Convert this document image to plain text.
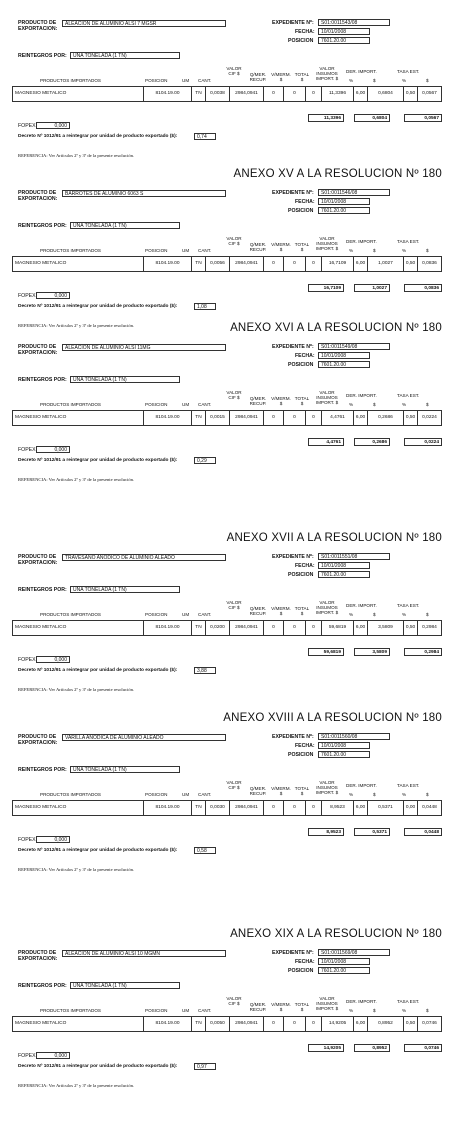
PRODUCTO DE EXPORTACION:
ALEACION DE ALUMINIO ALSI 7 MGSR	EXPEDIENTE Nº:	S01:0011543/08
FECHA:	10/01/2008
POSICION	7601.20.00
REINTEGROS POR:	UNA TONELADA (1 TN)
PRODUCTOS IMPORTADOS	POSICION	UM CANT.
VALOR CIF $	Q/MER. RECUP.
V/MERM. $
TOTAL $
VALOR INSUMOS IMPORT. $
DER. IMPORT.	TASA EST.
%	$	%	$
MAGNESIO METALICO	8104.19.00	TN	0,0038	2984,0941	0	0	0	11,3396	6,00	0,6804	0,50	0,0567
11,3396	0,6804	0,0567
FOPEX:	0,000
Decreto Nº 1012/91 a reintegrar por unidad de producto exportado ($):	0,74
REFERENCIA: Ver Artículos 2º y 3º de la presente resolución.
ANEXO XV A LA RESOLUCION Nº 180
PRODUCTO DE EXPORTACION:
BARROTES DE ALUMINIO 6063 S	EXPEDIENTE Nº:	S01:0011546/08
FECHA:	10/01/2008
POSICION	7601.20.00
REINTEGROS POR:	UNA TONELADA (1 TN)
PRODUCTOS IMPORTADOS	POSICION	UM CANT.
VALOR CIF $	Q/MER. RECUP.
V/MERM. $
TOTAL $
VALOR INSUMOS IMPORT. $
DER. IMPORT.	TASA EST.
%	$	%	$
MAGNESIO METALICO	8104.19.00	TN	0,0056	2984,0941	0	0	0	16,7109	6,00	1,0027	0,50	0,0836
16,7109	1,0027	0,0836
FOPEX:	0,000
Decreto Nº 1012/91 a reintegrar por unidad de producto exportado ($):	1,08
REFERENCIA: Ver Artículos 2º y 3º de la presente resolución.	ANEXO XVI A LA RESOLUCION Nº 180
PRODUCTO DE EXPORTACION:
ALEACIÓN DE ALUMINIO ALSI 11MG	EXPEDIENTE Nº:	S01:0011549/08
FECHA:	10/01/2008
POSICION	7601.20.00
REINTEGROS POR:	UNA TONELADA (1 TN)
PRODUCTOS IMPORTADOS	POSICION	UM CANT.
VALOR CIF $	Q/MER. RECUP.
V/MERM. $
TOTAL $
VALOR INSUMOS IMPORT. $
DER. IMPORT.	TASA EST.
%	$	%	$
MAGNESIO METALICO	8104.19.00	TN	0,0015	2984,0941	0	0	0	4,4761	6,00	0,2686	0,50	0,0224
4,4761	0,2686	0,0224
FOPEX:	0,000
Decreto Nº 1012/91 a reintegrar por unidad de producto exportado ($):	0,29
REFERENCIA: Ver Artículos 2º y 3º de la presente resolución.
ANEXO XVII A LA RESOLUCION Nº 180
PRODUCTO DE EXPORTACION:
TRAVESAÑO ANODICO DE ALUMINIO ALEADO	EXPEDIENTE Nº:	S01:0011551/08
FECHA:	10/01/2008
POSICION	7601.20.00
REINTEGROS POR:	UNA TONELADA (1 TN)
PRODUCTOS IMPORTADOS	POSICION	UM CANT.
VALOR CIF $	Q/MER. RECUP.
V/MERM. $
TOTAL $
VALOR INSUMOS IMPORT. $
DER. IMPORT.	TASA EST.
%	$	%	$
MAGNESIO METALICO	8104.19.00	TN	0,0200	2984,0941	0	0	0	59,6819	6,00	3,5809	0,50	0,2984
59,6819	3,5809	0,2984
FOPEX:	0,000
Decreto Nº 1012/91 a reintegrar por unidad de producto exportado ($):	3,88
REFERENCIA: Ver Artículos 2º y 3º de la presente resolución.
ANEXO XVIII A LA RESOLUCION Nº 180
PRODUCTO DE EXPORTACION:
VARILLA ANODICA DE ALUMINIO ALEADO	EXPEDIENTE Nº:	S01:0011560/08
FECHA:	10/01/2008
POSICION	7601.20.00
REINTEGROS POR:	UNA TONELADA (1 TN)
PRODUCTOS IMPORTADOS	POSICION	UM CANT.
VALOR CIF $	Q/MER. RECUP.
V/MERM. $
TOTAL $
VALOR INSUMOS IMPORT. $
DER. IMPORT.	TASA EST.
%	$	%	$
MAGNESIO METALICO	8104.19.00	TN	0,0030	2984,0941	0	0	0	8,9523	6,00	0,5371	0,00	0,0448
8,9523	0,5371	0,0448
FOPEX:	0,000
Decreto Nº 1012/91 a reintegrar por unidad de producto exportado ($):	0,58
REFERENCIA: Ver Artículos 2º y 3º de la presente resolución.
ANEXO XIX A LA RESOLUCION Nº 180
PRODUCTO DE EXPORTACION:
ALEACION DE ALUMINIO ALSI 10 MGMN	EXPEDIENTE Nº:	S01:0011569/08
FECHA:	10/01/2008
POSICION	7601.20.00
REINTEGROS POR:	UNA TONELADA (1 TN)
PRODUCTOS IMPORTADOS	POSICION	UM CANT.
VALOR CIF $	Q/MER. RECUP.
V/MERM. $
TOTAL $
VALOR INSUMOS IMPORT. $
DER. IMPORT.	TASA EST.
%	$	%	$
MAGNESIO METALICO	8104.19.00	TN	0,0050	2984,0941	0	0	0	14,9205	6,00	0,8952	0,50	0,0746
14,9205	0,8952	0,0746
FOPEX:	0,000
Decreto Nº 1012/91 a reintegrar por unidad de producto exportado ($):	0,97
REFERENCIA: Ver Artículos 2º y 3º de la presente resolución.
